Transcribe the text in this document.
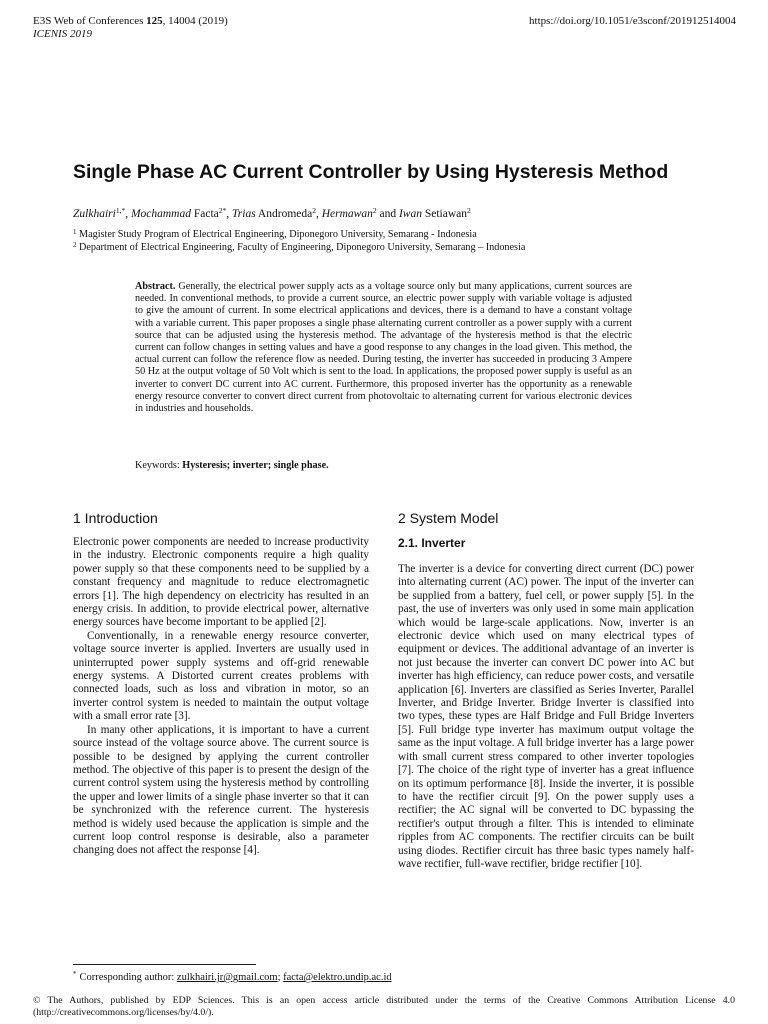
E3S Web of Conferences 125, 14004 (2019)
ICENIS 2019
https://doi.org/10.1051/e3sconf/201912514004
Single Phase AC Current Controller by Using Hysteresis Method
Zulkhairi$^{1,*}$, Mochammad Facta$^{2*}$, Trias Andromeda$^2$, Hermawan$^2$ and Iwan Setiawan$^2$
$^1$ Magister Study Program of Electrical Engineering, Diponegoro University, Semarang - Indonesia
$^2$ Department of Electrical Engineering, Faculty of Engineering, Diponegoro University, Semarang – Indonesia

Abstract. Generally, the electrical power supply acts as a voltage source only but many applications, current sources are needed. In conventional methods, to provide a current source, an electric power supply with variable voltage is adjusted to give the amount of current. In some electrical applications and devices, there is a demand to have a constant voltage with a variable current. This paper proposes a single phase alternating current controller as a power supply with a current source that can be adjusted using the hysteresis method. The advantage of the hysteresis method is that the electric current can follow changes in setting values and have a good response to any changes in the load given. This method, the actual current can follow the reference flow as needed. During testing, the inverter has succeeded in producing 3 Ampere 50 Hz at the output voltage of 50 Volt which is sent to the load. In applications, the proposed power supply is useful as an inverter to convert DC current into AC current. Furthermore, this proposed inverter has the opportunity as a renewable energy resource converter to convert direct current from photovoltaic to alternating current for various electronic devices in industries and households.

Keywords: Hysteresis; inverter; single phase.
1 Introduction

Electronic power components are needed to increase productivity in the industry. Electronic components require a high quality power supply so that these components need to be supplied by a constant frequency and magnitude to reduce electromagnetic errors [1]. The high dependency on electricity has resulted in an energy crisis. In addition, to provide electrical power, alternative energy sources have become important to be applied [2].

Conventionally, in a renewable energy resource converter, voltage source inverter is applied. Inverters are usually used in uninterrupted power supply systems and off-grid renewable energy systems. A Distorted current creates problems with connected loads, such as loss and vibration in motor, so an inverter control system is needed to maintain the output voltage with a small error rate [3].

In many other applications, it is important to have a current source instead of the voltage source above. The current source is possible to be designed by applying the current controller method. The objective of this paper is to present the design of the current control system using the hysteresis method by controlling the upper and lower limits of a single phase inverter so that it can be synchronized with the reference current. The hysteresis method is widely used because the application is simple and the current loop control response is desirable, also a parameter changing does not affect the response [4].

2 System Model
2.1. Inverter

The inverter is a device for converting direct current (DC) power into alternating current (AC) power. The input of the inverter can be supplied from a battery, fuel cell, or power supply [5]. In the past, the use of inverters was only used in some main application which would be large-scale applications. Now, inverter is an electronic device which used on many electrical types of equipment or devices. The additional advantage of an inverter is not just because the inverter can convert DC power into AC but inverter has high efficiency, can reduce power costs, and versatile application [6]. Inverters are classified as Series Inverter, Parallel Inverter, and Bridge Inverter. Bridge Inverter is classified into two types, these types are Half Bridge and Full Bridge Inverters [5]. Full bridge type inverter has maximum output voltage the same as the input voltage. A full bridge inverter has a large power with small current stress compared to other inverter topologies [7]. The choice of the right type of inverter has a great influence on its optimum performance [8]. Inside the inverter, it is possible to have the rectifier circuit [9]. On the power supply uses a rectifier; the AC signal will be converted to DC bypassing the rectifier's output through a filter. This is intended to eliminate ripples from AC components. The rectifier circuits can be built using diodes. Rectifier circuit has three basic types namely half-wave rectifier, full-wave rectifier, bridge rectifier [10].

* Corresponding author: zulkhairi.jr@gmail.com; facta@elektro.undip.ac.id

© The Authors, published by EDP Sciences. This is an open access article distributed under the terms of the Creative Commons Attribution License 4.0 (http://creativecommons.org/licenses/by/4.0/).
